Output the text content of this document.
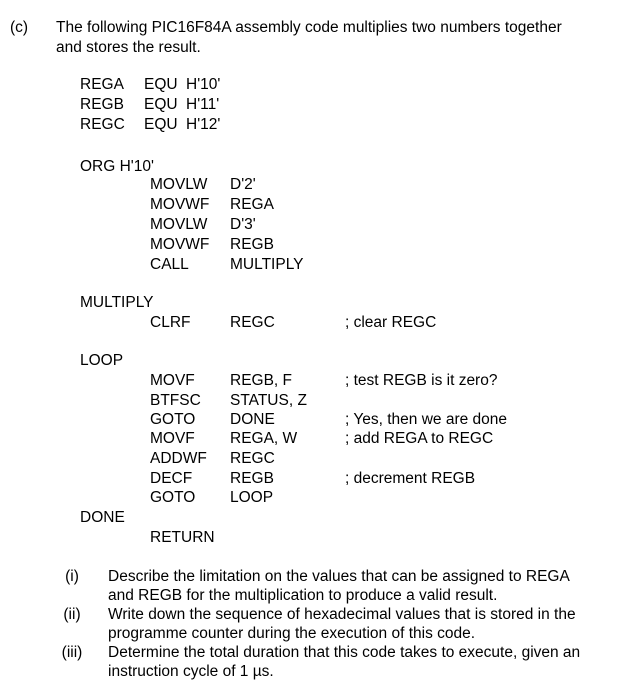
(c) The following PIC16F84A assembly code multiplies two numbers together
and stores the result.
REGA EQU H'10'
REGB EQU H'11'
REGC EQU H'12'
ORG H'10'
MOVLW D'2'
MOVWF REGA
MOVLW D'3'
MOVWF REGB
CALL	MULTIPLY
MULTIPLY
CLRF	REGC	; clear REGC
LOOP
MOVF REGB, F	; test REGB is it zero?
BTFSC STATUS, Z
GOTO DONE	; Yes, then we are done
MOVF REGA, W	; add REGA to REGC
ADDWF REGC
DECF REGB	; decrement REGB
GOTO LOOP
DONE
RETURN
(i)	Describe the limitation on the values that can be assigned to REGA
and REGB for the multiplication to produce a valid result.
(ii)	Write down the sequence of hexadecimal values that is stored in the
programme counter during the execution of this code.
(iii) Determine the total duration that this code takes to execute, given an
instruction cycle of 1 µs.
